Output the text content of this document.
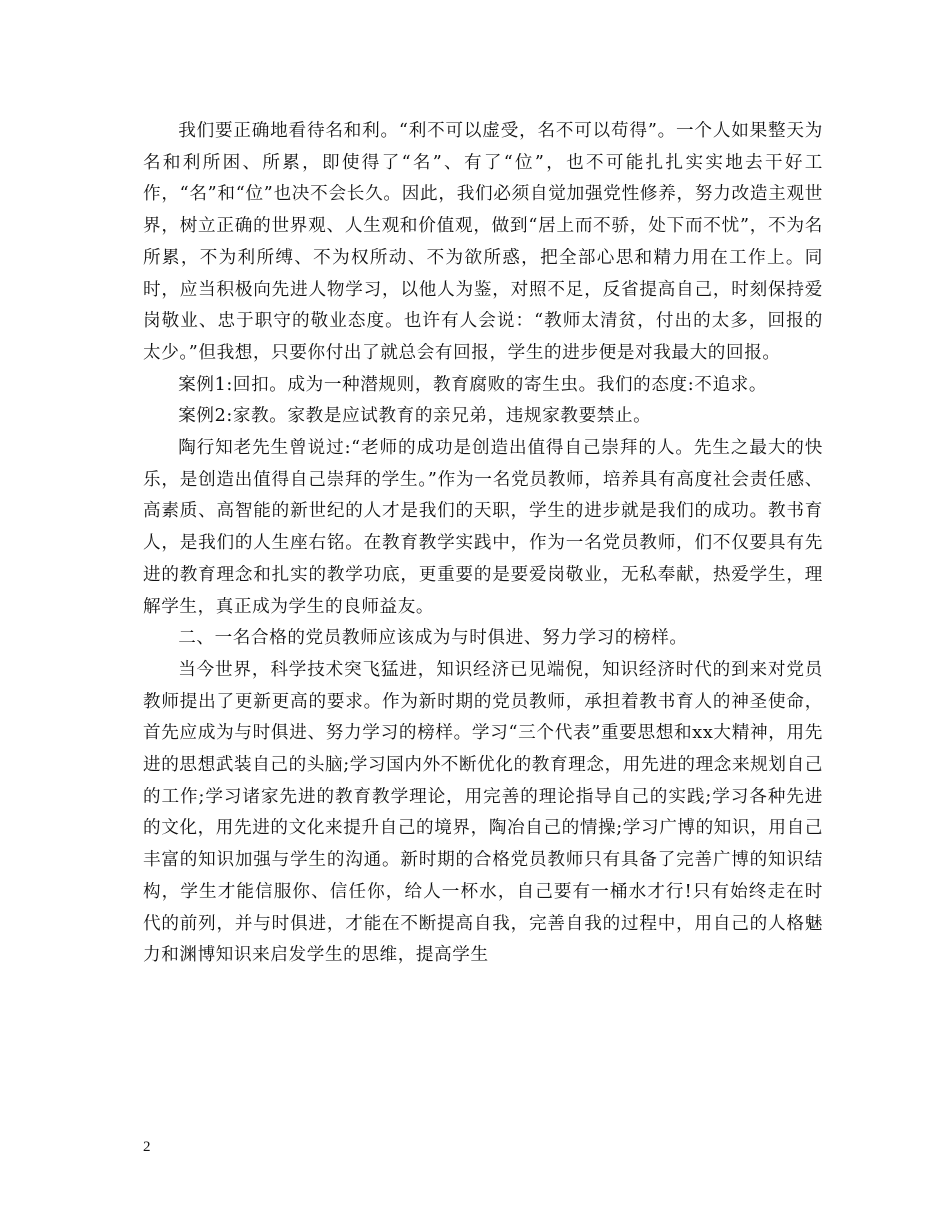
我们要正确地看待名和利。“利不可以虚受，名不可以苟得”。一个人如果整天为名和利所困、所累，即使得了“名”、有了“位”，也不可能扎扎实实地去干好工作，“名”和“位”也决不会长久。因此，我们必须自觉加强党性修养，努力改造主观世界，树立正确的世界观、人生观和价值观，做到“居上而不骄，处下而不忧”，不为名所累，不为利所缚、不为权所动、不为欲所惑，把全部心思和精力用在工作上。同时，应当积极向先进人物学习，以他人为鉴，对照不足，反省提高自己，时刻保持爱岗敬业、忠于职守的敬业态度。也许有人会说：“教师太清贫，付出的太多，回报的太少。”但我想，只要你付出了就总会有回报，学生的进步便是对我最大的回报。

案例1:回扣。成为一种潜规则，教育腐败的寄生虫。我们的态度:不追求。

案例2:家教。家教是应试教育的亲兄弟，违规家教要禁止。

陶行知老先生曾说过:“老师的成功是创造出值得自己崇拜的人。先生之最大的快乐，是创造出值得自己崇拜的学生。”作为一名党员教师，培养具有高度社会责任感、高素质、高智能的新世纪的人才是我们的天职，学生的进步就是我们的成功。教书育人，是我们的人生座右铭。在教育教学实践中，作为一名党员教师，们不仅要具有先进的教育理念和扎实的教学功底，更重要的是要爱岗敬业，无私奉献，热爱学生，理解学生，真正成为学生的良师益友。

二、一名合格的党员教师应该成为与时俱进、努力学习的榜样。

当今世界，科学技术突飞猛进，知识经济已见端倪，知识经济时代的到来对党员教师提出了更新更高的要求。作为新时期的党员教师，承担着教书育人的神圣使命，首先应成为与时俱进、努力学习的榜样。学习“三个代表”重要思想和xx大精神，用先进的思想武装自己的头脑;学习国内外不断优化的教育理念，用先进的理念来规划自己的工作;学习诸家先进的教育教学理论，用完善的理论指导自己的实践;学习各种先进的文化，用先进的文化来提升自己的境界，陶冶自己的情操;学习广博的知识，用自己丰富的知识加强与学生的沟通。新时期的合格党员教师只有具备了完善广博的知识结构，学生才能信服你、信任你，给人一杯水，自己要有一桶水才行!只有始终走在时代的前列，并与时俱进，才能在不断提高自我，完善自我的过程中，用自己的人格魅力和渊博知识来启发学生的思维，提高学生

2
